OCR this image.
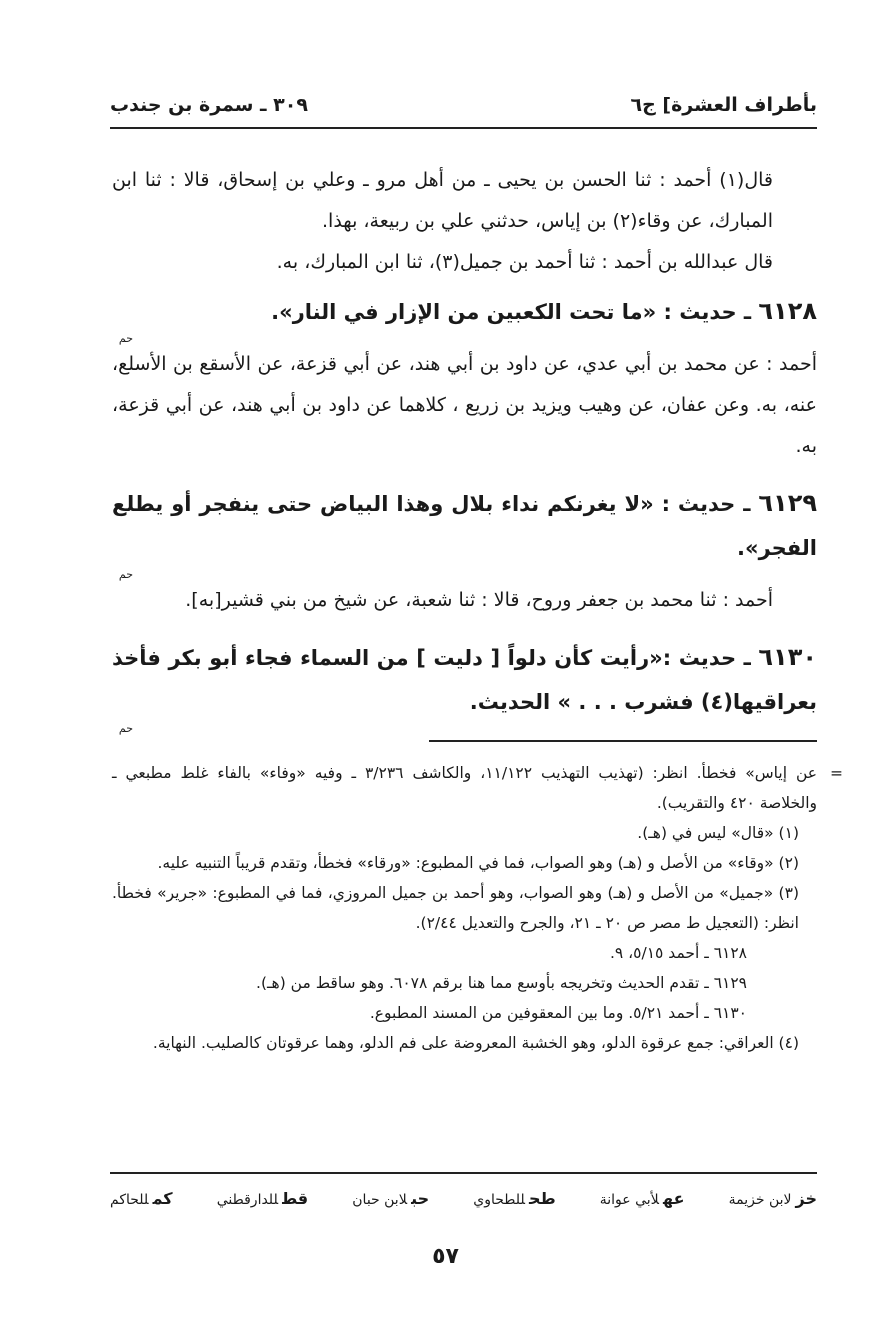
بأطراف العشرة] ج٦
٣٠٩ ـ سمرة بن جندب

قال(١) أحمد : ثنا الحسن بن يحيى ـ من أهل مرو ـ وعلي بن إسحاق، قالا : ثنا ابن المبارك، عن وقاء(٢) بن إياس، حدثني علي بن ربيعة، بهذا.

قال عبدالله بن أحمد : ثنا أحمد بن جميل(٣)، ثنا ابن المبارك، به.

٦١٢٨ ـ حديث : «ما تحت الكعبين من الإزار في النار».
حم

أحمد : عن محمد بن أبي عدي، عن داود بن أبي هند، عن أبي قزعة، عن الأسقع بن الأسلع، عنه، به. وعن عفان، عن وهيب ويزيد بن زريع ، كلاهما عن داود بن أبي هند، عن أبي قزعة، به.

٦١٢٩ ـ حديث : «لا يغرنكم نداء بلال وهذا البياض حتى ينفجر أو يطلع الفجر».
حم

أحمد : ثنا محمد بن جعفر وروح، قالا : ثنا شعبة، عن شيخ من بني قشير[به].

٦١٣٠ ـ حديث :«رأيت كأن دلواً [ دليت ] من السماء فجاء أبو بكر فأخذ بعراقيها(٤) فشرب . . . » الحديث.
حم

=
عن إياس» فخطأ. انظر: (تهذيب التهذيب ١١/١٢٢، والكاشف ٣/٢٣٦ ـ وفيه «وفاء» بالفاء غلط مطبعي ـ والخلاصة ٤٢٠ والتقريب).

(١) «قال» ليس في (هـ).

(٢) «وقاء» من الأصل و (هـ) وهو الصواب، فما في المطبوع: «ورقاء» فخطأ، وتقدم قريباً التنبيه عليه.

(٣) «جميل» من الأصل و (هـ) وهو الصواب، وهو أحمد بن جميل المروزي، فما في المطبوع: «جرير» فخطأ. انظر: (التعجيل ط مصر ص ٢٠ ـ ٢١، والجرح والتعديل ٢/٤٤).

٦١٢٨ ـ أحمد ٥/١٥، ٩.

٦١٢٩ ـ تقدم الحديث وتخريجه بأوسع مما هنا برقم ٦٠٧٨. وهو ساقط من (هـ).

٦١٣٠ ـ أحمد ٥/٢١. وما بين المعقوفين من المسند المطبوع.

(٤) العراقي: جمع عرقوة الدلو، وهو الخشبة المعروضة على فم الدلو، وهما عرقوتان كالصليب. النهاية.

خزلابن خزيمة
عهلأبي عوانة
طحللطحاوي
حبلابن حبان
قطللدارقطني
كمللحاكم
٥٧
